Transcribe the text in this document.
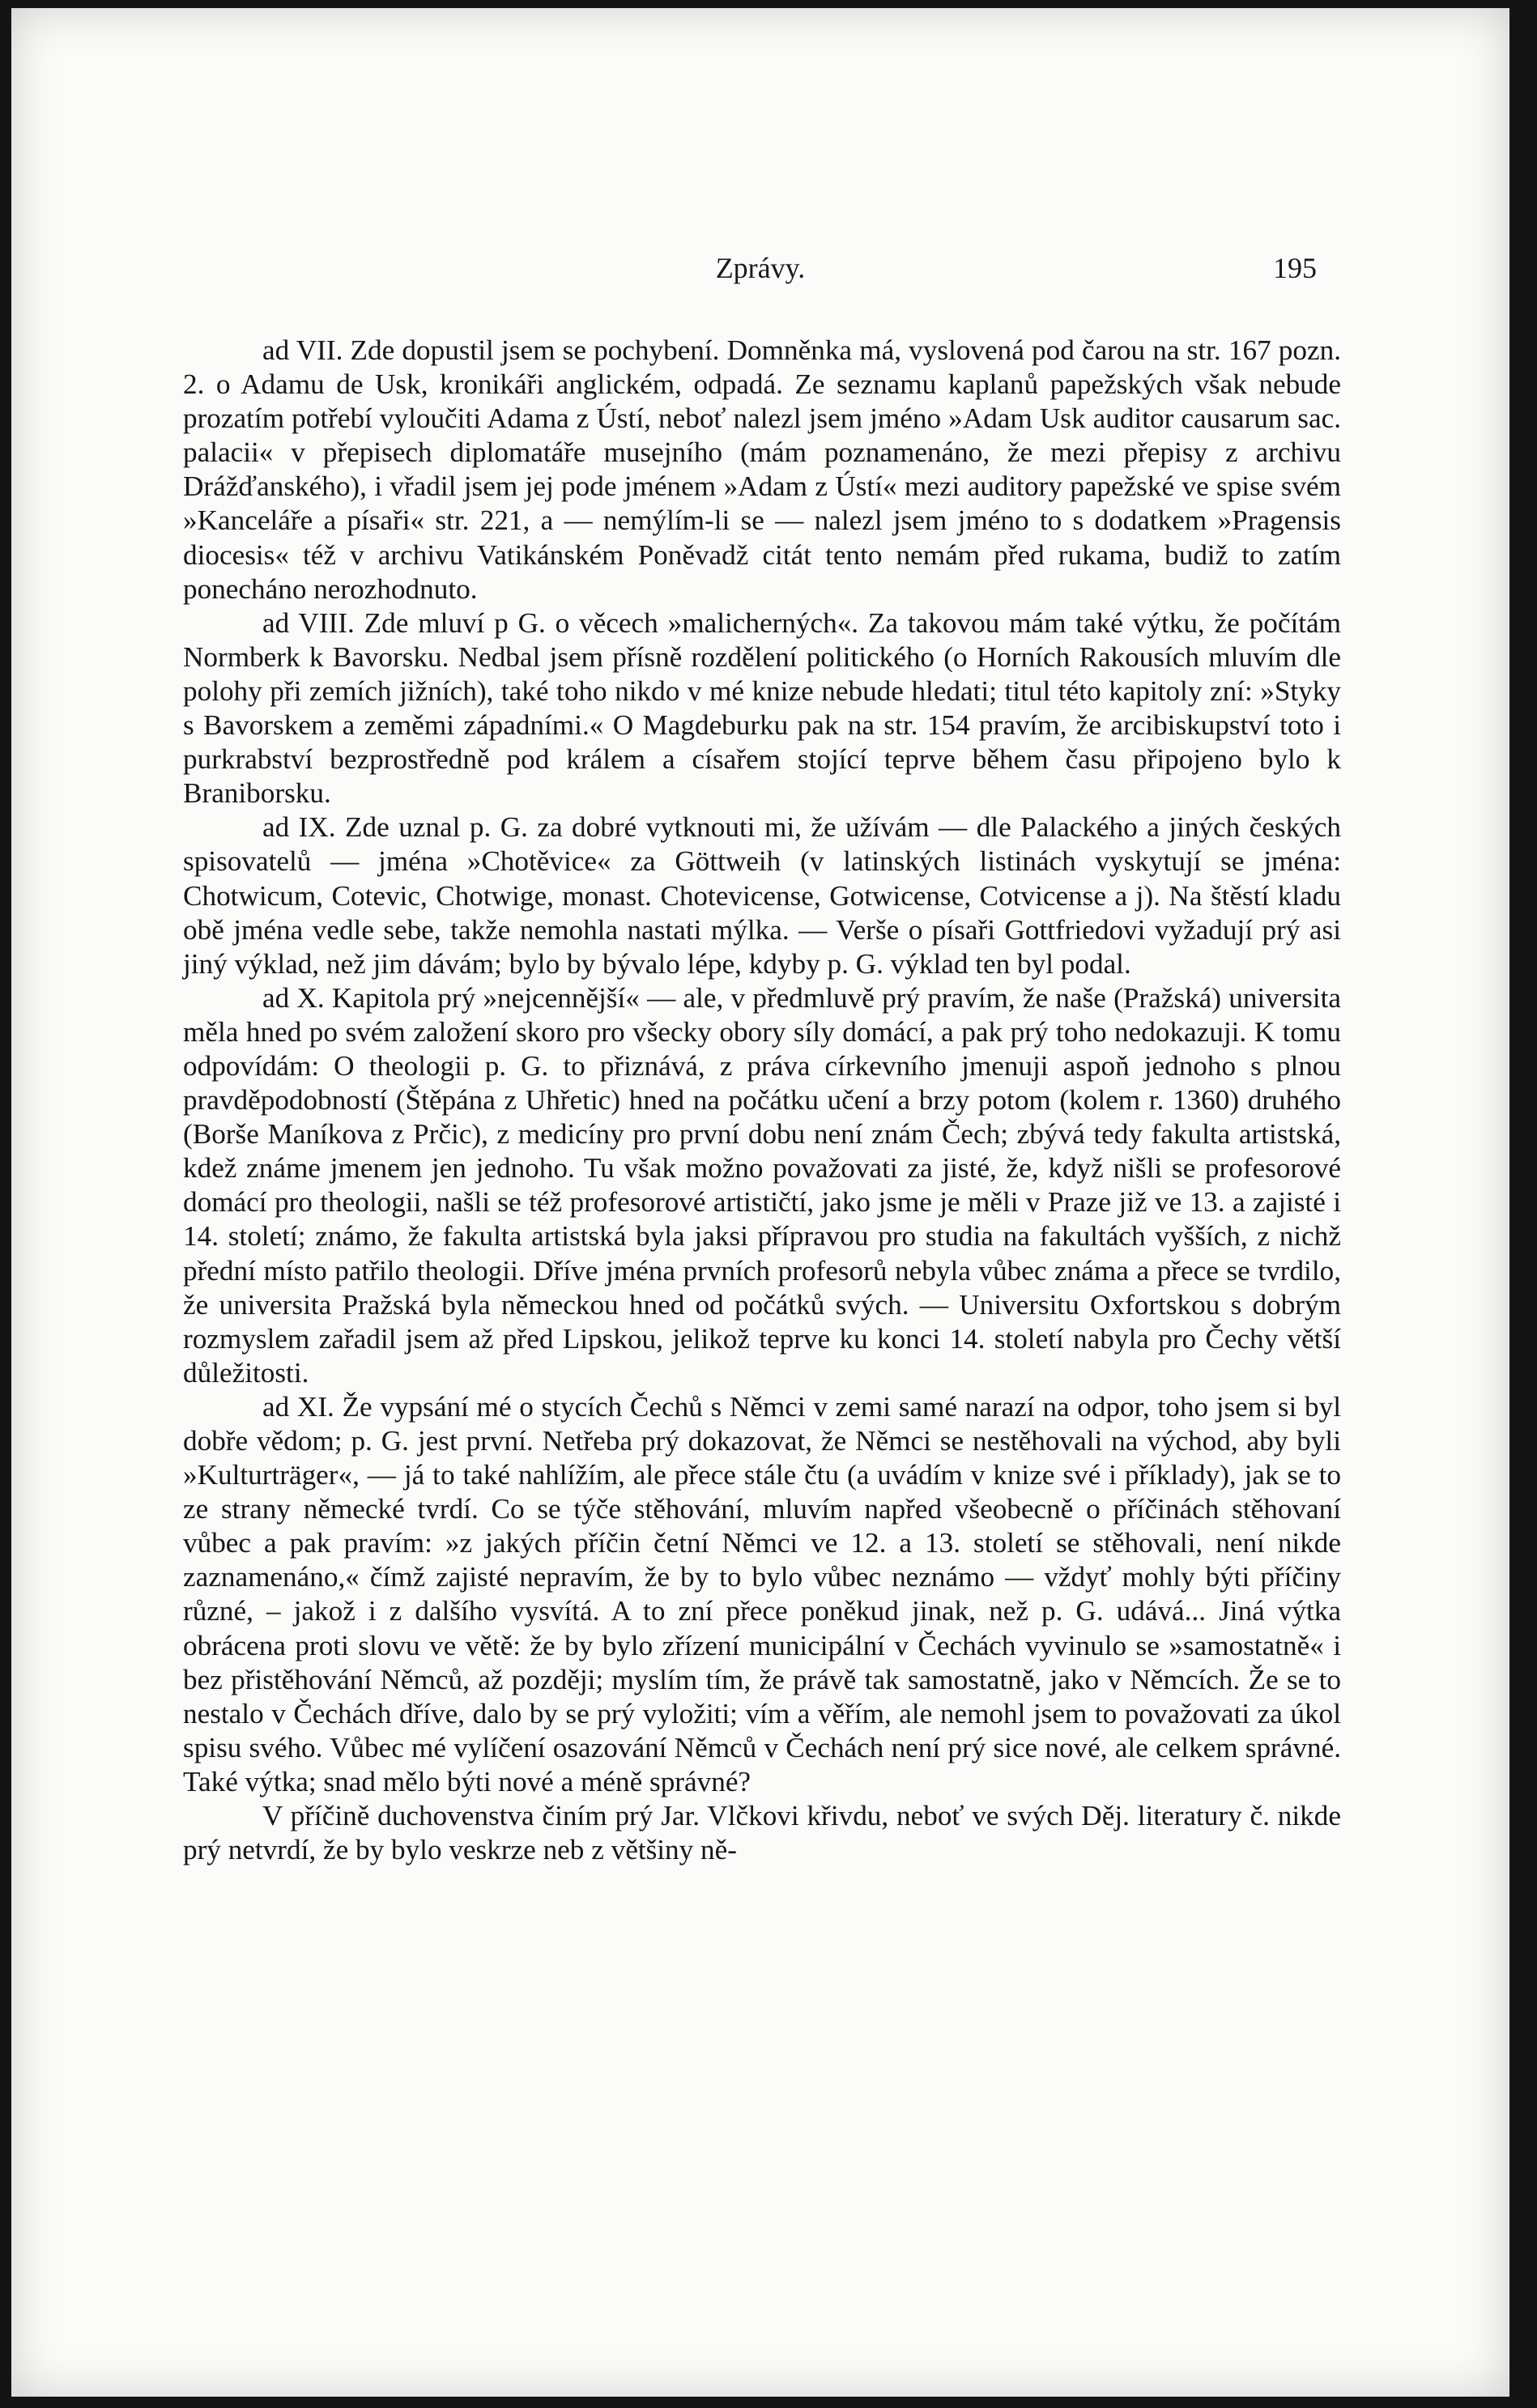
Zprávy.	195

ad VII. Zde dopustil jsem se pochybení. Domněnka má, vyslovená pod čarou na str. 167 pozn. 2. o Adamu de Usk, kronikáři anglickém, odpadá. Ze seznamu kaplanů papežských však nebude prozatím potřebí vyloučiti Adama z Ústí, neboť nalezl jsem jméno »Adam Usk auditor causarum sac. palacii« v přepisech diplomatáře musejního (mám poznamenáno, že mezi přepisy z archivu Drážďanského), i vřadil jsem jej pode jménem »Adam z Ústí« mezi auditory papežské ve spise svém »Kanceláře a písaři« str. 221, a — nemýlím-li se — nalezl jsem jméno to s dodatkem »Pragensis diocesis« též v archivu Vatikánském Poněvadž citát tento nemám před rukama, budiž to zatím ponecháno nerozhodnuto.

ad VIII. Zde mluví p G. o věcech »malicherných«. Za takovou mám také výtku, že počítám Normberk k Bavorsku. Nedbal jsem přísně rozdělení politického (o Horních Rakousích mluvím dle polohy při zemích jižních), také toho nikdo v mé knize nebude hledati; titul této kapitoly zní: »Styky s Bavorskem a zeměmi západními.« O Magdeburku pak na str. 154 pravím, že arcibiskupství toto i purkrabství bezprostředně pod králem a císařem stojící teprve během času připojeno bylo k Braniborsku.

ad IX. Zde uznal p. G. za dobré vytknouti mi, že užívám — dle Palackého a jiných českých spisovatelů — jména »Chotěvice« za Göttweih (v latinských listinách vyskytují se jména: Chotwicum, Cotevic, Chotwige, monast. Chotevicense, Gotwicense, Cotvicense a j). Na štěstí kladu obě jména vedle sebe, takže nemohla nastati mýlka. — Verše o písaři Gottfriedovi vyžadují prý asi jiný výklad, než jim dávám; bylo by bývalo lépe, kdyby p. G. výklad ten byl podal.

ad X. Kapitola prý »nejcennější« — ale, v předmluvě prý pravím, že naše (Pražská) universita měla hned po svém založení skoro pro všecky obory síly domácí, a pak prý toho nedokazuji. K tomu odpovídám: O theologii p. G. to přiznává, z práva církevního jmenuji aspoň jednoho s plnou pravděpodobností (Štěpána z Uhřetic) hned na počátku učení a brzy potom (kolem r. 1360) druhého (Borše Maníkova z Prčic), z medicíny pro první dobu není znám Čech; zbývá tedy fakulta artistská, kdež známe jmenem jen jednoho. Tu však možno považovati za jisté, že, když nišli se profesorové domácí pro theologii, našli se též profesorové artističtí, jako jsme je měli v Praze již ve 13. a zajisté i 14. století; známo, že fakulta artistská byla jaksi přípravou pro studia na fakultách vyšších, z nichž přední místo patřilo theologii. Dříve jména prvních profesorů nebyla vůbec známa a přece se tvrdilo, že universita Pražská byla německou hned od počátků svých. — Universitu Oxfortskou s dobrým rozmyslem zařadil jsem až před Lipskou, jelikož teprve ku konci 14. století nabyla pro Čechy větší důležitosti.

ad XI. Že vypsání mé o stycích Čechů s Němci v zemi samé narazí na odpor, toho jsem si byl dobře vědom; p. G. jest první. Netřeba prý dokazovat, že Němci se nestěhovali na východ, aby byli »Kulturträger«, — já to také nahlížím, ale přece stále čtu (a uvádím v knize své i příklady), jak se to ze strany německé tvrdí. Co se týče stěhování, mluvím napřed všeobecně o příčinách stěhovaní vůbec a pak pravím: »z jakých příčin četní Němci ve 12. a 13. století se stěhovali, není nikde zaznamenáno,« čímž zajisté nepravím, že by to bylo vůbec neznámo — vždyť mohly býti příčiny různé, – jakož i z dalšího vysvítá. A to zní přece poněkud jinak, než p. G. udává... Jiná výtka obrácena proti slovu ve větě: že by bylo zřízení municipální v Čechách vyvinulo se »samostatně« i bez přistěhování Němců, až později; myslím tím, že právě tak samostatně, jako v Němcích. Že se to nestalo v Čechách dříve, dalo by se prý vyložiti; vím a věřím, ale nemohl jsem to považovati za úkol spisu svého. Vůbec mé vylíčení osazování Němců v Čechách není prý sice nové, ale celkem správné. Také výtka; snad mělo býti nové a méně správné?

V příčině duchovenstva činím prý Jar. Vlčkovi křivdu, neboť ve svých Děj. literatury č. nikde prý netvrdí, že by bylo veskrze neb z většiny ně-
